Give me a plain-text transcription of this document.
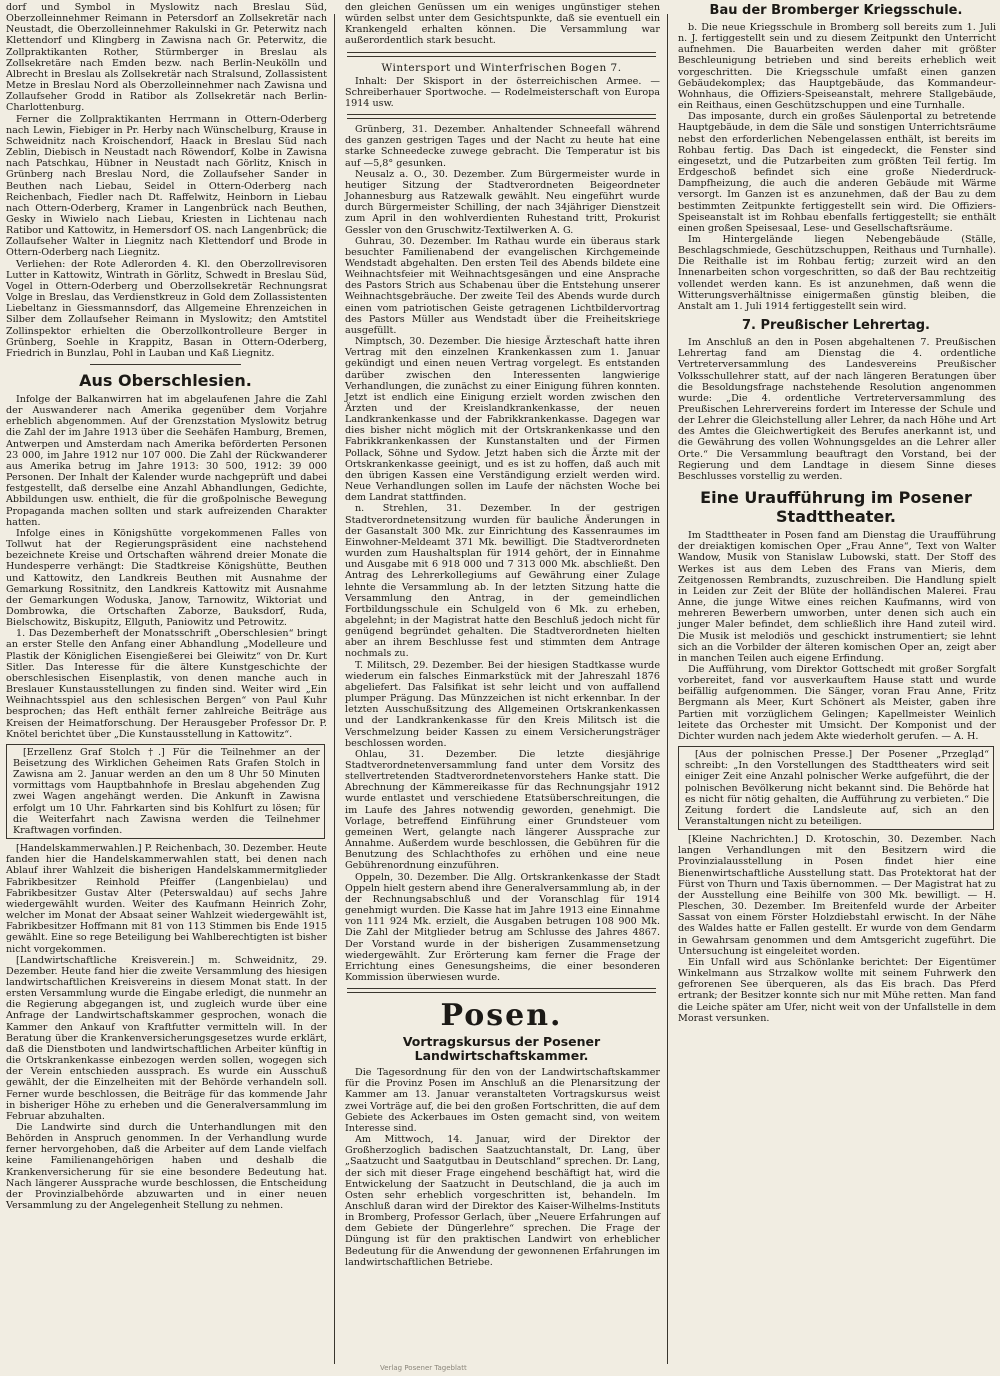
dorf und Symbol in Myslowitz nach Breslau Süd, Oberzolleinnehmer Reimann in Petersdorf an Zollsekretär nach Neustadt, die Oberzolleinnehmer Rakulski in Gr. Peterwitz nach Klettendorf und Klingberg in Zawisna nach Gr. Peterwitz, die Zollpraktikanten Rother, Stürmberger in Breslau als Zollsekretäre nach Emden bezw. nach Berlin-Neukölln und Albrecht in Breslau als Zollsekretär nach Stralsund, Zollassistent Metze in Breslau Nord als Oberzolleinnehmer nach Zawisna und Zollaufseher Grodd in Ratibor als Zollsekretär nach Berlin-Charlottenburg.

Ferner die Zollpraktikanten Herrmann in Ottern-Oderberg nach Lewin, Fiebiger in Pr. Herby nach Wünschelburg, Krause in Schweidnitz nach Kroischendorf, Haack in Breslau Süd nach Zeblin, Diebisch in Neustadt nach Röwendorf, Kolbe in Zawisna nach Patschkau, Hübner in Neustadt nach Görlitz, Knisch in Grünberg nach Breslau Nord, die Zollaufseher Sander in Beuthen nach Liebau, Seidel in Ottern-Oderberg nach Reichenbach, Fiedler nach Dt. Raffelwitz, Heinborn in Liebau nach Ottern-Oderberg, Kramer in Langenbrück nach Beuthen, Gesky in Wiwielo nach Liebau, Kriesten in Lichtenau nach Ratibor und Kattowitz, in Hemersdorf OS. nach Langenbrück; die Zollaufseher Walter in Liegnitz nach Klettendorf und Brode in Ottern-Oderberg nach Liegnitz.

Verliehen: der Rote Adlerorden 4. Kl. den Oberzollrevisoren Lutter in Kattowitz, Wintrath in Görlitz, Schwedt in Breslau Süd, Vogel in Ottern-Oderberg und Oberzollsekretär Rechnungsrat Volge in Breslau, das Verdienstkreuz in Gold dem Zollassistenten Liebeltanz in Giessmannsdorf, das Allgemeine Ehrenzeichen in Silber dem Zollaufseher Reimann in Myslowitz; den Amtstitel Zollinspektor erhielten die Oberzollkontrolleure Berger in Grünberg, Soehle in Krappitz, Basan in Ottern-Oderberg, Friedrich in Bunzlau, Pohl in Lauban und Kaß Liegnitz.

Aus Oberschlesien.

Infolge der Balkanwirren hat im abgelaufenen Jahre die Zahl der Auswanderer nach Amerika gegenüber dem Vorjahre erheblich abgenommen. Auf der Grenzstation Myslowitz betrug die Zahl der im Jahre 1913 über die Seehäfen Hamburg, Bremen, Antwerpen und Amsterdam nach Amerika beförderten Personen 23 000, im Jahre 1912 nur 107 000. Die Zahl der Rückwanderer aus Amerika betrug im Jahre 1913: 30 500, 1912: 39 000 Personen. Der Inhalt der Kalender wurde nachgeprüft und dabei festgestellt, daß derselbe eine Anzahl Abhandlungen, Gedichte, Abbildungen usw. enthielt, die für die großpolnische Bewegung Propaganda machen sollten und stark aufreizenden Charakter hatten.

Infolge eines in Königshütte vorgekommenen Falles von Tollwut hat der Regierungspräsident eine nachstehend bezeichnete Kreise und Ortschaften während dreier Monate die Hundesperre verhängt: Die Stadtkreise Königshütte, Beuthen und Kattowitz, den Landkreis Beuthen mit Ausnahme der Gemarkung Rossitnitz, den Landkreis Kattowitz mit Ausnahme der Gemarkungen Woduska, Janow, Tarnowitz, Wiktoriat und Dombrowka, die Ortschaften Zaborze, Bauksdorf, Ruda, Bielschowitz, Biskupitz, Ellguth, Paniowitz und Petrowitz.

1. Das Dezemberheft der Monatsschrift „Oberschlesien“ bringt an erster Stelle den Anfang einer Abhandlung „Modelleure und Plastik der Königlichen Eisengießerei bei Gleiwitz“ von Dr. Kurt Sitler. Das Interesse für die ältere Kunstgeschichte der oberschlesischen Eisenplastik, von denen manche auch in Breslauer Kunstausstellungen zu finden sind. Weiter wird „Ein Weihnachtsspiel aus den schlesischen Bergen“ von Paul Kuhr besprochen; das Heft enthält ferner zahlreiche Beiträge aus Kreisen der Heimatforschung. Der Herausgeber Professor Dr. P. Knötel berichtet über „Die Kunstausstellung in Kattowitz“.

[Erzellenz Graf Stolch †.] Für die Teilnehmer an der Beisetzung des Wirklichen Geheimen Rats Grafen Stolch in Zawisna am 2. Januar werden an den um 8 Uhr 50 Minuten vormittags vom Hauptbahnhofe in Breslau abgehenden Zug zwei Wagen angehängt werden. Die Ankunft in Zawisna erfolgt um 10 Uhr. Fahrkarten sind bis Kohlfurt zu lösen; für die Weiterfahrt nach Zawisna werden die Teilnehmer Kraftwagen vorfinden.

[Handelskammerwahlen.] P. Reichenbach, 30. Dezember. Heute fanden hier die Handelskammerwahlen statt, bei denen nach Ablauf ihrer Wahlzeit die bisherigen Handelskammermitglieder Fabrikbesitzer Reinhold Pfeiffer (Langenbielau) und Fabrikbesitzer Gustav Alter (Peterswaldau) auf sechs Jahre wiedergewählt wurden. Weiter des Kaufmann Heinrich Zohr, welcher im Monat der Absaat seiner Wahlzeit wiedergewählt ist, Fabrikbesitzer Hoffmann mit 81 von 113 Stimmen bis Ende 1915 gewählt. Eine so rege Beteiligung bei Wahlberechtigten ist bisher nicht vorgekommen.

[Landwirtschaftliche Kreisverein.] m. Schweidnitz, 29. Dezember. Heute fand hier die zweite Versammlung des hiesigen landwirtschaftlichen Kreisvereins in diesem Monat statt. In der ersten Versammlung wurde die Eingabe erledigt, die nunmehr an die Regierung abgegangen ist, und zugleich wurde über eine Anfrage der Landwirtschaftskammer gesprochen, wonach die Kammer den Ankauf von Kraftfutter vermitteln will. In der Beratung über die Krankenversicherungsgesetzes wurde erklärt, daß die Dienstboten und landwirtschaftlichen Arbeiter künftig in die Ortskrankenkasse einbezogen werden sollen, wogegen sich der Verein entschieden aussprach. Es wurde ein Ausschuß gewählt, der die Einzelheiten mit der Behörde verhandeln soll. Ferner wurde beschlossen, die Beiträge für das kommende Jahr in bisheriger Höhe zu erheben und die Generalversammlung im Februar abzuhalten.

Die Landwirte sind durch die Unterhandlungen mit den Behörden in Anspruch genommen. In der Verhandlung wurde ferner hervorgehoben, daß die Arbeiter auf dem Lande vielfach keine Familienangehörigen haben und deshalb die Krankenversicherung für sie eine besondere Bedeutung hat. Nach längerer Aussprache wurde beschlossen, die Entscheidung der Provinzialbehörde abzuwarten und in einer neuen Versammlung zu der Angelegenheit Stellung zu nehmen.

den gleichen Genüssen um ein weniges ungünstiger stehen würden selbst unter dem Gesichtspunkte, daß sie eventuell ein Krankengeld erhalten können. Die Versammlung war außerordentlich stark besucht.

Wintersport und Winterfrischen Bogen 7.

Inhalt: Der Skisport in der österreichischen Armee. — Schreiberhauer Sportwoche. — Rodelmeisterschaft von Europa 1914 usw.

Grünberg, 31. Dezember. Anhaltender Schneefall während des ganzen gestrigen Tages und der Nacht zu heute hat eine starke Schneedecke zuwege gebracht. Die Temperatur ist bis auf —5,8° gesunken.

Neusalz a. O., 30. Dezember. Zum Bürgermeister wurde in heutiger Sitzung der Stadtverordneten Beigeordneter Johannesburg aus Ratzewalk gewählt. Neu eingeführt wurde durch Bürgermeister Schilling, der nach 34jähriger Dienstzeit zum April in den wohlverdienten Ruhestand tritt, Prokurist Gessler von den Gruschwitz-Textilwerken A. G.

Guhrau, 30. Dezember. Im Rathau wurde ein überaus stark besuchter Familienabend der evangelischen Kirchgemeinde Wendstadt abgehalten. Den ersten Teil des Abends bildete eine Weihnachtsfeier mit Weihnachtsgesängen und eine Ansprache des Pastors Strich aus Schabenau über die Entstehung unserer Weihnachtsgebräuche. Der zweite Teil des Abends wurde durch einen vom patriotischen Geiste getragenen Lichtbildervortrag des Pastors Müller aus Wendstadt über die Freiheitskriege ausgefüllt.

Nimptsch, 30. Dezember. Die hiesige Ärzteschaft hatte ihren Vertrag mit den einzelnen Krankenkassen zum 1. Januar gekündigt und einen neuen Vertrag vorgelegt. Es entstanden darüber zwischen den Interessenten langwierige Verhandlungen, die zunächst zu einer Einigung führen konnten. Jetzt ist endlich eine Einigung erzielt worden zwischen den Ärzten und der Kreislandkrankenkasse, der neuen Landkrankenkasse und der Fabrikkrankenkasse. Dagegen war dies bisher nicht möglich mit der Ortskrankenkasse und den Fabrikkrankenkassen der Kunstanstalten und der Firmen Pollack, Söhne und Sydow. Jetzt haben sich die Ärzte mit der Ortskrankenkasse geeinigt, und es ist zu hoffen, daß auch mit den übrigen Kassen eine Verständigung erzielt werden wird. Neue Verhandlungen sollen im Laufe der nächsten Woche bei dem Landrat stattfinden.

n. Strehlen, 31. Dezember. In der gestrigen Stadtverordnetensitzung wurden für bauliche Änderungen in der Gasanstalt 300 Mk. zur Einrichtung des Kassenraumes im Einwohner-Meldeamt 371 Mk. bewilligt. Die Stadtverordneten wurden zum Haushaltsplan für 1914 gehört, der in Einnahme und Ausgabe mit 6 918 000 und 7 313 000 Mk. abschließt. Den Antrag des Lehrerkollegiums auf Gewährung einer Zulage lehnte die Versammlung ab. In der letzten Sitzung hatte die Versammlung den Antrag, in der gemeindlichen Fortbildungsschule ein Schulgeld von 6 Mk. zu erheben, abgelehnt; in der Magistrat hatte den Beschluß jedoch nicht für genügend begründet gehalten. Die Stadtverordneten hielten aber an ihrem Beschlusse fest und stimmten dem Antrage nochmals zu.

T. Militsch, 29. Dezember. Bei der hiesigen Stadtkasse wurde wiederum ein falsches Einmarkstück mit der Jahreszahl 1876 abgeliefert. Das Falsifikat ist sehr leicht und von auffallend plumper Prägung. Das Münzzeichen ist nicht erkennbar. In der letzten Ausschußsitzung des Allgemeinen Ortskrankenkassen und der Landkrankenkasse für den Kreis Militsch ist die Verschmelzung beider Kassen zu einem Versicherungsträger beschlossen worden.

Ohlau, 31. Dezember. Die letzte diesjährige Stadtverordnetenversammlung fand unter dem Vorsitz des stellvertretenden Stadtverordnetenvorstehers Hanke statt. Die Abrechnung der Kämmereikasse für das Rechnungsjahr 1912 wurde entlastet und verschiedene Etatsüberschreitungen, die im Laufe des Jahres notwendig geworden, genehmigt. Die Vorlage, betreffend Einführung einer Grundsteuer vom gemeinen Wert, gelangte nach längerer Aussprache zur Annahme. Außerdem wurde beschlossen, die Gebühren für die Benutzung des Schlachthofes zu erhöhen und eine neue Gebührenordnung einzuführen.

Oppeln, 30. Dezember. Die Allg. Ortskrankenkasse der Stadt Oppeln hielt gestern abend ihre Generalversammlung ab, in der der Rechnungsabschluß und der Voranschlag für 1914 genehmigt wurden. Die Kasse hat im Jahre 1913 eine Einnahme von 111 924 Mk. erzielt, die Ausgaben betrugen 108 900 Mk. Die Zahl der Mitglieder betrug am Schlusse des Jahres 4867. Der Vorstand wurde in der bisherigen Zusammensetzung wiedergewählt. Zur Erörterung kam ferner die Frage der Errichtung eines Genesungsheims, die einer besonderen Kommission überwiesen wurde.

Posen.
Vortragskursus der Posener Landwirtschaftskammer.

Die Tagesordnung für den von der Landwirtschaftskammer für die Provinz Posen im Anschluß an die Plenarsitzung der Kammer am 13. Januar veranstalteten Vortragskursus weist zwei Vorträge auf, die bei den großen Fortschritten, die auf dem Gebiete des Ackerbaues im Osten gemacht sind, von weitem Interesse sind.

Am Mittwoch, 14. Januar, wird der Direktor der Großherzoglich badischen Saatzuchtanstalt, Dr. Lang, über „Saatzucht und Saatgutbau in Deutschland“ sprechen. Dr. Lang, der sich mit dieser Frage eingehend beschäftigt hat, wird die Entwickelung der Saatzucht in Deutschland, die ja auch im Osten sehr erheblich vorgeschritten ist, behandeln. Im Anschluß daran wird der Direktor des Kaiser-Wilhelms-Instituts in Bromberg, Professor Gerlach, über „Neuere Erfahrungen auf dem Gebiete der Düngerlehre“ sprechen. Die Frage der Düngung ist für den praktischen Landwirt von erheblicher Bedeutung für die Anwendung der gewonnenen Erfahrungen im landwirtschaftlichen Betriebe.

Bau der Bromberger Kriegsschule.

b. Die neue Kriegsschule in Bromberg soll bereits zum 1. Juli n. J. fertiggestellt sein und zu diesem Zeitpunkt den Unterricht aufnehmen. Die Bauarbeiten werden daher mit größter Beschleunigung betrieben und sind bereits erheblich weit vorgeschritten. Die Kriegsschule umfaßt einen ganzen Gebäudekomplex; das Hauptgebäude, das Kommandeur-Wohnhaus, die Offiziers-Speiseanstalt, mehrere Stallgebäude, ein Reithaus, einen Geschützschuppen und eine Turnhalle.

Das imposante, durch ein großes Säulenportal zu betretende Hauptgebäude, in dem die Säle und sonstigen Unterrichtsräume nebst den erforderlichen Nebengelassen enthält, ist bereits im Rohbau fertig. Das Dach ist eingedeckt, die Fenster sind eingesetzt, und die Putzarbeiten zum größten Teil fertig. Im Erdgeschoß befindet sich eine große Niederdruck-Dampfheizung, die auch die anderen Gebäude mit Wärme versorgt. Im Ganzen ist es anzunehmen, daß der Bau zu dem bestimmten Zeitpunkte fertiggestellt sein wird. Die Offiziers-Speiseanstalt ist im Rohbau ebenfalls fertiggestellt; sie enthält einen großen Speisesaal, Lese- und Gesellschaftsräume.

Im Hintergelände liegen Nebengebäude (Ställe, Beschlagschmiede, Geschützschuppen, Reithaus und Turnhalle). Die Reithalle ist im Rohbau fertig; zurzeit wird an den Innenarbeiten schon vorgeschritten, so daß der Bau rechtzeitig vollendet werden kann. Es ist anzunehmen, daß wenn die Witterungsverhältnisse einigermaßen günstig bleiben, die Anstalt am 1. Juli 1914 fertiggestellt sein wird.

7. Preußischer Lehrertag.

Im Anschluß an den in Posen abgehaltenen 7. Preußischen Lehrertag fand am Dienstag die 4. ordentliche Vertreterversammlung des Landesvereins Preußischer Volksschullehrer statt, auf der nach längeren Beratungen über die Besoldungsfrage nachstehende Resolution angenommen wurde: „Die 4. ordentliche Vertreterversammlung des Preußischen Lehrervereins fordert im Interesse der Schule und der Lehrer die Gleichstellung aller Lehrer, da nach Höhe und Art des Amtes die Gleichwertigkeit des Berufes anerkannt ist, und die Gewährung des vollen Wohnungsgeldes an die Lehrer aller Orte.“ Die Versammlung beauftragt den Vorstand, bei der Regierung und dem Landtage in diesem Sinne dieses Beschlusses vorstellig zu werden.

Eine Uraufführung im Posener Stadttheater.

Im Stadttheater in Posen fand am Dienstag die Uraufführung der dreiaktigen komischen Oper „Frau Anne“, Text von Walter Wandow, Musik von Stanislaw Lubowski, statt. Der Stoff des Werkes ist aus dem Leben des Frans van Mieris, dem Zeitgenossen Rembrandts, zuzuschreiben. Die Handlung spielt in Leiden zur Zeit der Blüte der holländischen Malerei. Frau Anne, die junge Witwe eines reichen Kaufmanns, wird von mehreren Bewerbern umworben, unter denen sich auch ein junger Maler befindet, dem schließlich ihre Hand zuteil wird. Die Musik ist melodiös und geschickt instrumentiert; sie lehnt sich an die Vorbilder der älteren komischen Oper an, zeigt aber in manchen Teilen auch eigene Erfindung.

Die Aufführung, vom Direktor Gottschedt mit großer Sorgfalt vorbereitet, fand vor ausverkauftem Hause statt und wurde beifällig aufgenommen. Die Sänger, voran Frau Anne, Fritz Bergmann als Meer, Kurt Schönert als Meister, gaben ihre Partien mit vorzüglichem Gelingen; Kapellmeister Weinlich leitete das Orchester mit Umsicht. Der Komponist und der Dichter wurden nach jedem Akte wiederholt gerufen. — A. H.

[Aus der polnischen Presse.] Der Posener „Przegląd“ schreibt: „In den Vorstellungen des Stadttheaters wird seit einiger Zeit eine Anzahl polnischer Werke aufgeführt, die der polnischen Bevölkerung nicht bekannt sind. Die Behörde hat es nicht für nötig gehalten, die Aufführung zu verbieten.“ Die Zeitung fordert die Landsleute auf, sich an den Veranstaltungen nicht zu beteiligen.

[Kleine Nachrichten.] D. Krotoschin, 30. Dezember. Nach langen Verhandlungen mit den Besitzern wird die Provinzialausstellung in Posen findet hier eine Bienenwirtschaftliche Ausstellung statt. Das Protektorat hat der Fürst von Thurn und Taxis übernommen. — Der Magistrat hat zu der Ausstellung eine Beihilfe von 300 Mk. bewilligt. — H. Pleschen, 30. Dezember. Im Breitenfeld wurde der Arbeiter Sassat von einem Förster Holzdiebstahl erwischt. In der Nähe des Waldes hatte er Fallen gestellt. Er wurde von dem Gendarm in Gewahrsam genommen und dem Amtsgericht zugeführt. Die Untersuchung ist eingeleitet worden.

Ein Unfall wird aus Schönlanke berichtet: Der Eigentümer Winkelmann aus Strzalkow wollte mit seinem Fuhrwerk den gefrorenen See überqueren, als das Eis brach. Das Pferd ertrank; der Besitzer konnte sich nur mit Mühe retten. Man fand die Leiche später am Ufer, nicht weit von der Unfallstelle in dem Morast versunken.

Verlag Posener Tageblatt
